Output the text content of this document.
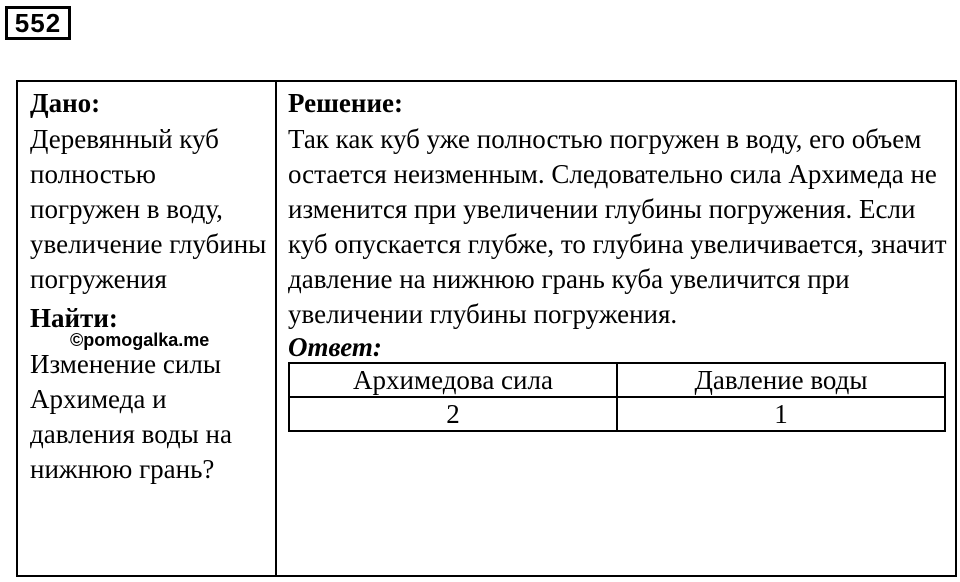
552
Дано:
Деревянный куб полностью погружен в воду, увеличение глубины погружения
Найти:
©pomogalka.me
Изменение силы Архимеда и давления воды на нижнюю грань?
Решение:
Так как куб уже полностью погружен в воду, его объем остается неизменным. Следовательно сила Архимеда не изменится при увеличении глубины погружения. Если куб опускается глубже, то глубина увеличивается, значит давление на нижнюю грань куба увеличится при увеличении глубины погружения.
Ответ:
Архимедова сила	Давление воды
2	1
